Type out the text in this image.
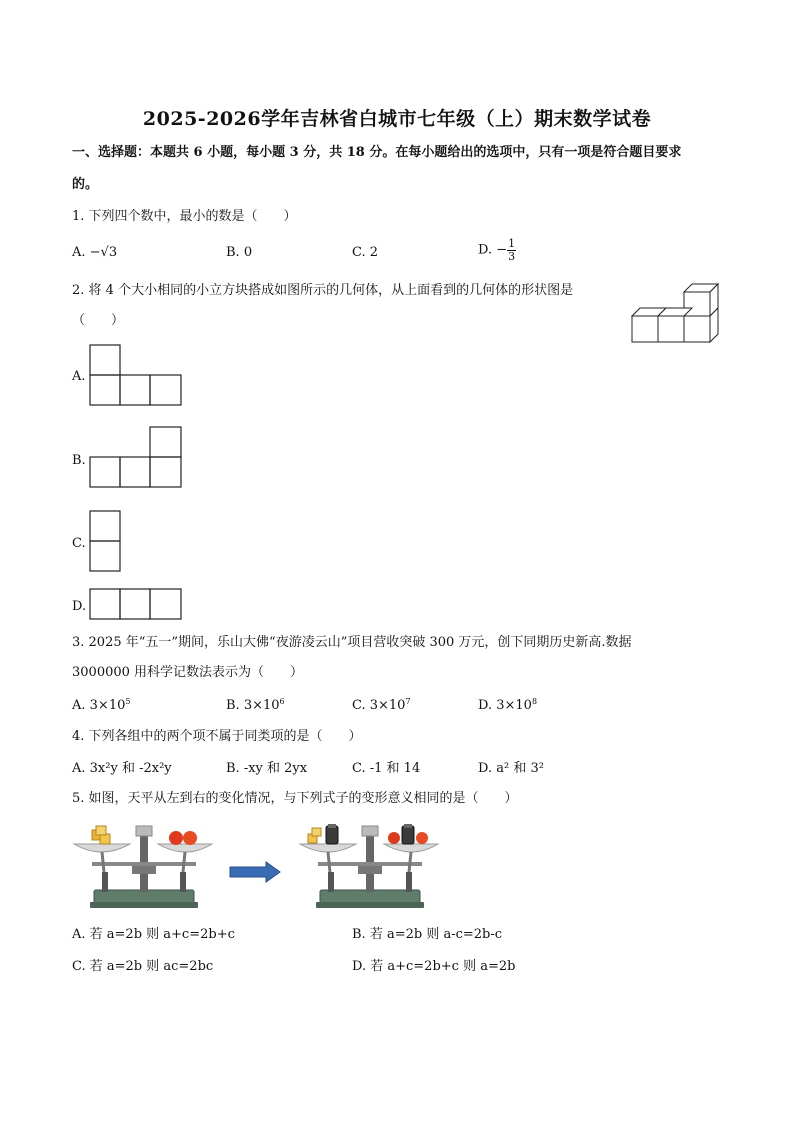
2025-2026学年吉林省白城市七年级（上）期末数学试卷
一、选择题：本题共 6 小题，每小题 3 分，共 18 分。在每小题给出的选项中，只有一项是符合题目要求
的。
1. 下列四个数中，最小的数是（　　）
A. −√3	B. 0	C. 2	D. − $\frac{1}{3}$
2. 将 4 个大小相同的小立方块搭成如图所示的几何体，从上面看到的几何体的形状图是
（　　）
A.
B.
C.
D.
3. 2025 年“五一”期间，乐山大佛“夜游凌云山”项目营收突破 300 万元，创下同期历史新高.数据
3000000 用科学记数法表示为（　　）
A. $3\times 10^5$	B. $3\times 10^6$	C. $3\times 10^7$	D. $3\times 10^8$
4. 下列各组中的两个项不属于同类项的是（　　）
A. 3x²y 和 -2x²y	B. -xy 和 2yx	C. -1 和 14	D. a² 和 3²
5. 如图，天平从左到右的变化情况，与下列式子的变形意义相同的是（　　）
A. 若 a=2b 则 a+c=2b+c	B. 若 a=2b 则 a-c=2b-c
C. 若 a=2b 则 ac=2bc	D. 若 a+c=2b+c 则 a=2b
